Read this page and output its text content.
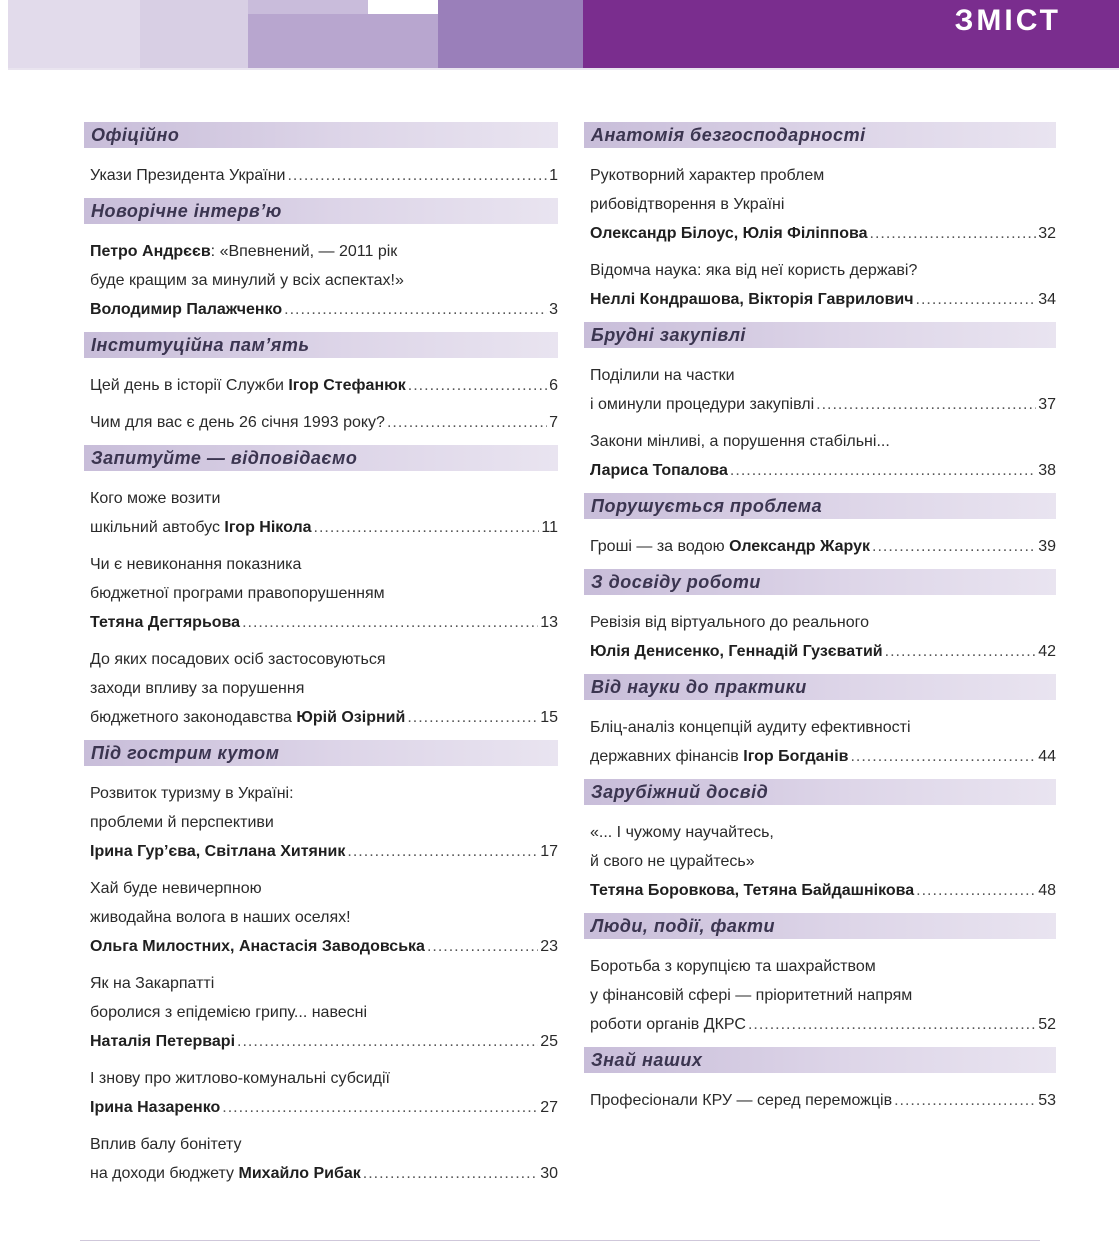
ЗМІСТ
Офіційно
Укази Президента України .....	1
Новорічне інтерв’ю
Петро Андрєєв: «Впевнений, — 2011 рік
буде кращим за минулий у всіх аспектах!»
Володимир Палажченко .....	3
Інституційна пам’ять
Цей день в історії Служби Ігор Стефанюк .....	6
Чим для вас є день 26 січня 1993 року? .....	7
Запитуйте — відповідаємо
Кого може возити
шкільний автобус Ігор Нікола .....	11
Чи є невиконання показника
бюджетної програми правопорушенням
Тетяна Дегтярьова .....	13
До яких посадових осіб застосовуються
заходи впливу за порушення
бюджетного законодавства Юрій Озірний .....	15
Під гострим кутом
Розвиток туризму в Україні:
проблеми й перспективи
Ірина Гур’єва, Світлана Хитяник .....	17
Хай буде невичерпною
живодайна волога в наших оселях!
Ольга Милостних, Анастасія Заводовська .....	23
Як на Закарпатті
боролися з епідемією грипу... навесні
Наталія Петерварі .....	25
І знову про житлово-комунальні субсидії
Ірина Назаренко .....	27
Вплив балу бонітету
на доходи бюджету Михайло Рибак .....	30
Анатомія безгосподарності
Рукотворний характер проблем
рибовідтворення в Україні
Олександр Білоус, Юлія Філіппова .....	32
Відомча наука: яка від неї користь державі?
Неллі Кондрашова, Вікторія Гаврилович .....	34
Брудні закупівлі
Поділили на частки
і оминули процедури закупівлі .....	37
Закони мінливі, а порушення стабільні...
Лариса Топалова .....	38
Порушується проблема
Гроші — за водою Олександр Жарук .....	39
З досвіду роботи
Ревізія від віртуального до реального
Юлія Денисенко, Геннадій Гузєватий .....	42
Від науки до практики
Бліц-аналіз концепцій аудиту ефективності
державних фінансів Ігор Богданів .....	44
Зарубіжний досвід
«... І чужому научайтесь,
й свого не цурайтесь»
Тетяна Боровкова, Тетяна Байдашнікова .....	48
Люди, події, факти
Боротьба з корупцією та шахрайством
у фінансовій сфері — пріоритетний напрям
роботи органів ДКРС .....	52
Знай наших
Професіонали КРУ — серед переможців .....	53
